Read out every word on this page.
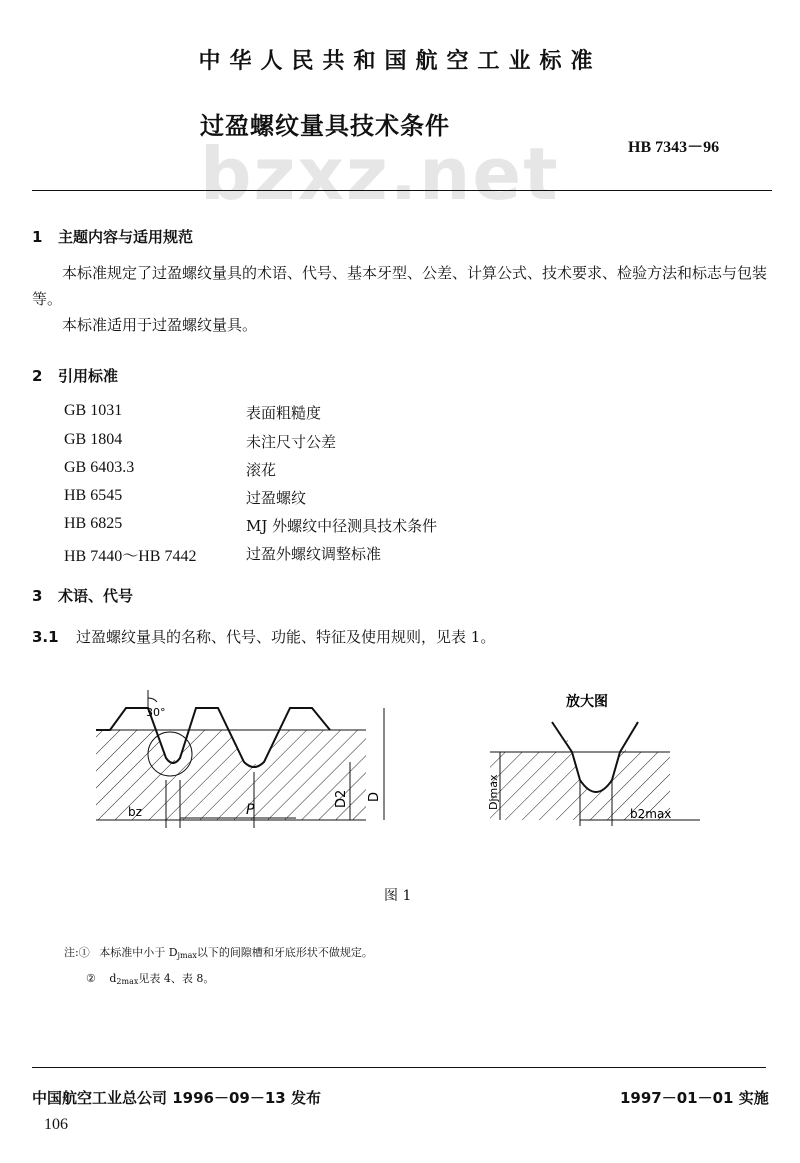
bzxz.net
中华人民共和国航空工业标准
过盈螺纹量具技术条件
HB 7343－96
1 主题内容与适用规范

本标准规定了过盈螺纹量具的术语、代号、基本牙型、公差、计算公式、技术要求、检验方法和标志与包装等。

本标准适用于过盈螺纹量具。

2 引用标准
GB 1031	表面粗糙度
GB 1804	未注尺寸公差
GB 6403.3	滚花
HB 6545	过盈螺纹
HB 6825	MJ 外螺纹中径测具技术条件
HB 7440～HB 7442	过盈外螺纹调整标准
3 术语、代号
3.1 过盈螺纹量具的名称、代号、功能、特征及使用规则，见表 1。
30°
bz	P
D2 D
放大图
Djmax
b2max
图 1
注:① 本标准中小于 $D_{jmax}$以下的间隙槽和牙底形状不做规定。
② $d_{2max}$见表 4、表 8。
中国航空工业总公司 1996－09－13 发布	1997－01－01 实施
106
